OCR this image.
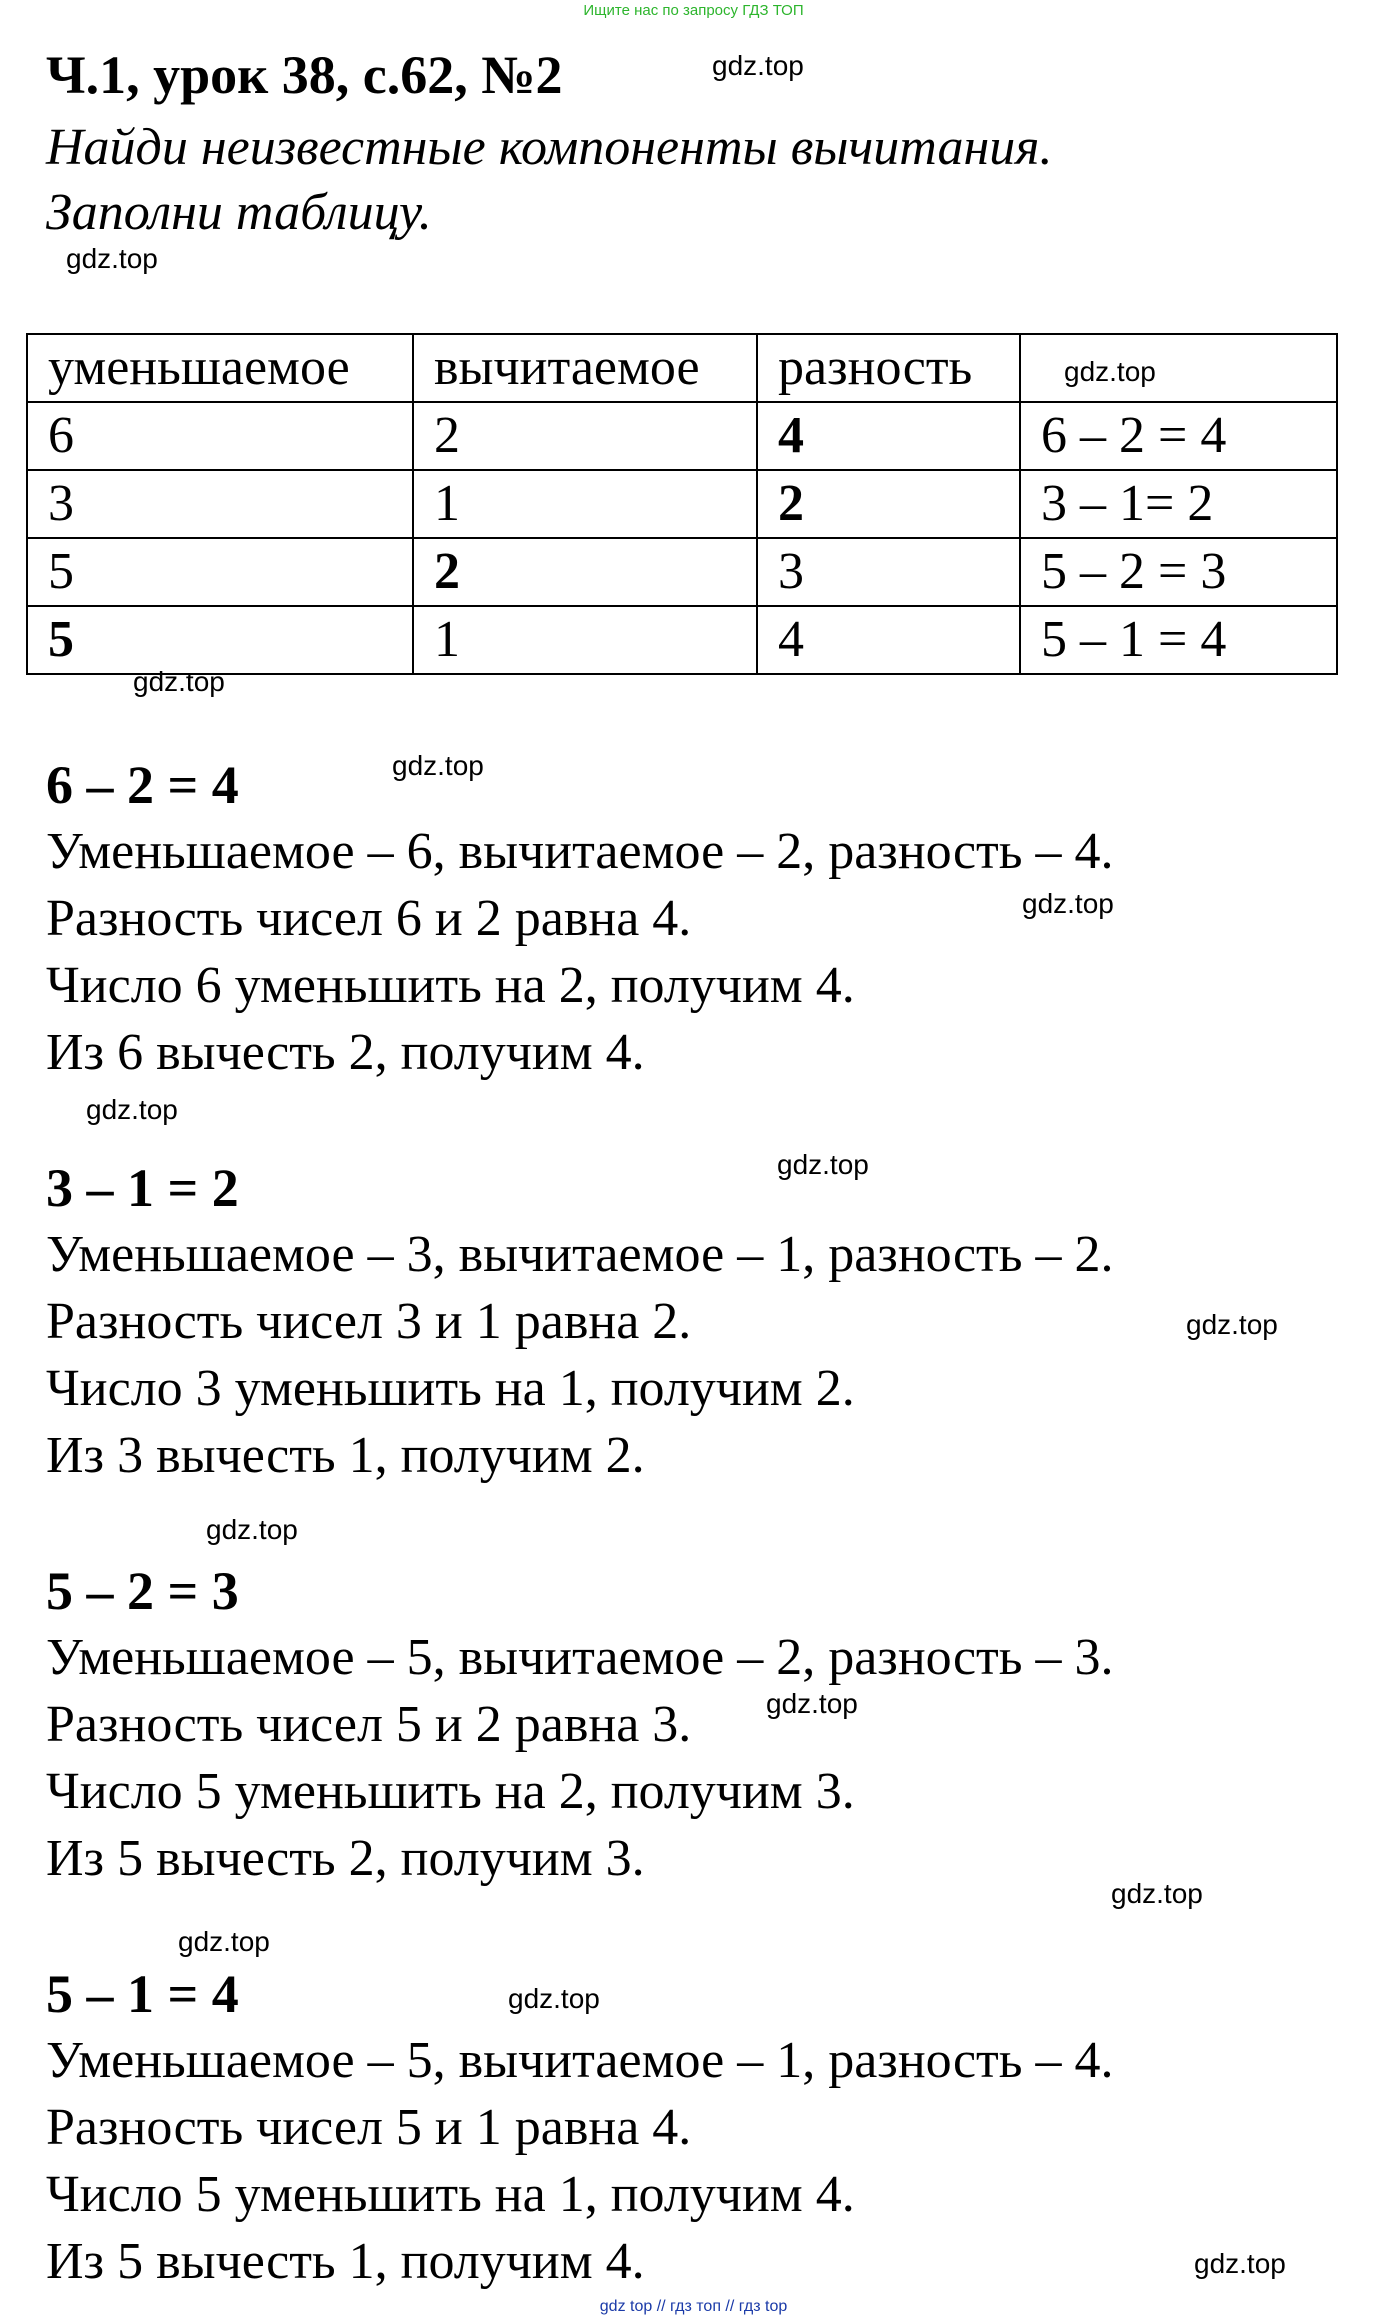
Ищите нас по запросу ГДЗ ТОП
Ч.1, урок 38, с.62, №2
Найди неизвестные компоненты вычитания.
Заполни таблицу.
gdz.top
gdz.top
gdz.top
gdz.top
gdz.top
gdz.top
gdz.top
gdz.top
gdz.top
gdz.top
gdz.top
gdz.top
gdz.top
gdz.top
gdz.top
уменьшаемое	вычитаемое	разность	
6	2	4	6 – 2 = 4
3	1	2	3 – 1= 2
5	2	3	5 – 2 = 3
5	1	4	5 – 1 = 4
6 – 2 = 4
Уменьшаемое – 6, вычитаемое – 2, разность – 4.
Разность чисел 6 и 2 равна 4.
Число 6 уменьшить на 2, получим 4.
Из 6 вычесть 2, получим 4.
3 – 1 = 2
Уменьшаемое – 3, вычитаемое – 1, разность – 2.
Разность чисел 3 и 1 равна 2.
Число 3 уменьшить на 1, получим 2.
Из 3 вычесть 1, получим 2.
5 – 2 = 3
Уменьшаемое – 5, вычитаемое – 2, разность – 3.
Разность чисел 5 и 2 равна 3.
Число 5 уменьшить на 2, получим 3.
Из 5 вычесть 2, получим 3.
5 – 1 = 4
Уменьшаемое – 5, вычитаемое – 1, разность – 4.
Разность чисел 5 и 1 равна 4.
Число 5 уменьшить на 1, получим 4.
Из 5 вычесть 1, получим 4.
gdz top // гдз топ // гдз top
